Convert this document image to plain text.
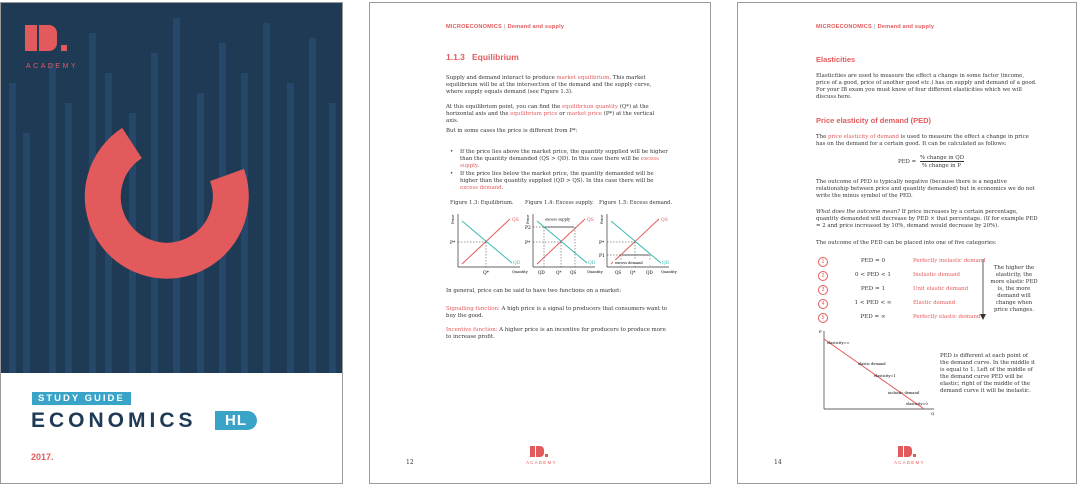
ACADEMY
STUDY GUIDE
ECONOMICS	HL
2017.
MICROECONOMICS | Demand and supply
1.1.3 Equilibrium
Supply and demand interact to produce market equilibrium. This market equilibrium will be at the intersection of the demand and the supply curve, where supply equals demand (see Figure 1.3).
At this equilibrium point, you can find the equilibrium quantity (Q*) at the horizontal axis and the equilibrium price or market price (P*) at the vertical axis.
But in some cases the price is different from P*:
• If the price lies above the market price, the quantity supplied will be higher than the quantity demanded (QS > QD). In this case there will be excess supply.
• If the price lies below the market price, the quantity demanded will be higher than the quantity supplied (QD > QS). In this case there will be excess demand.
Figure 1.3: Equilibrium. Figure 1.4: Excess supply. Figure 1.5: Excess demand.
Price
Quantity
QS
QD
P*
Q*
excess supply
Price
Quantity
QS
QD
P2
P*
QD	Q* QS
excess demand
Price
Quantity
QS
QD
P*
P1
QS Q* QD
In general, price can be said to have two functions on a market:
Signalling function: A high price is a signal to producers that consumers want to buy the good.
Incentive function: A higher price is an incentive for producers to produce more to increase profit.
12	ACADEMY
MICROECONOMICS | Demand and supply
Elasticities
Elasticities are used to measure the effect a change in some factor (income, price of a good, price of another good etc.) has on supply and demand of a good. For your IB exam you must know of four different elasticities which we will discuss here.
Price elasticity of demand (PED)
The price elasticity of demand is used to measure the effect a change in price has on the demand for a certain good. It can be calculated as follows:
PED =
% change in QD
% change in P
The outcome of PED is typically negative (because there is a negative relationship between price and quantity demanded) but in economics we do not write the minus symbol of the PED.
What does the outcome mean? If price increases by a certain percentage, quantity demanded will decrease by PED × that percentage. (If for example PED = 2 and price increased by 10%, demand would decrease by 20%).
The outcome of the PED can be placed into one of five categories:
1	PED = 0	Perfectly inelastic demand
2	0 < PED < 1	Inelastic demand
3	PED = 1	Unit elastic demand
4	1 < PED < ∞	Elastic demand
5	PED = ∞	Perfectly elastic demand
The higher the elasticity, the more elastic PED is, the more demand will change when price changes.
P
Q
elasticity=∞
elastic demand
elasticity=1
inelastic demand
elasticity=0
PED is different at each point of the demand curve. In the middle it is equal to 1. Left of the middle of the demand curve PED will be elastic; right of the middle of the demand curve it will be inelastic.
14	ACADEMY
